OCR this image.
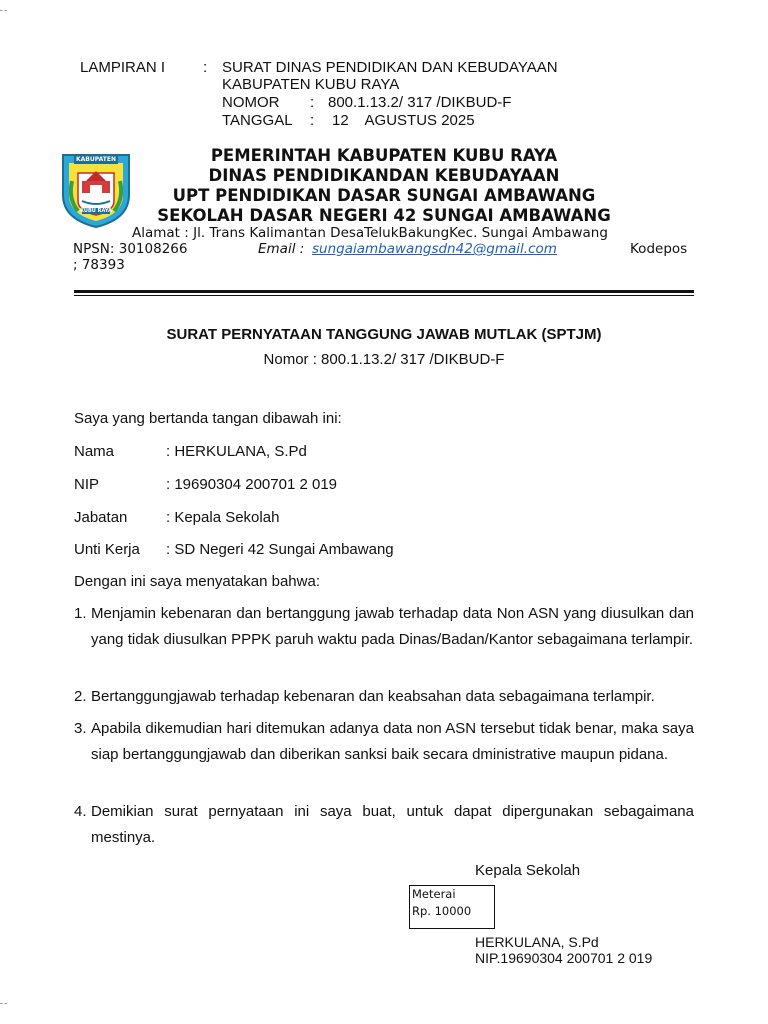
LAMPIRAN I	: SURAT DINAS PENDIDIKAN DAN KEBUDAYAAN
KABUPATEN KUBU RAYA
NOMOR : 800.1.13.2/ 317 /DIKBUD-F
TANGGAL : 12    AGUSTUS 2025
KABUPATEN
KUBU RAYA
PEMERINTAH KABUPATEN KUBU RAYA
DINAS PENDIDIKANDAN KEBUDAYAAN
UPT PENDIDIKAN DASAR SUNGAI AMBAWANG
SEKOLAH DASAR NEGERI 42 SUNGAI AMBAWANG
Alamat : Jl. Trans Kalimantan DesaTelukBakungKec. Sungai Ambawang
NPSN: 30108266	Email : sungaiambawangsdn42@gmail.com	Kodepos
; 78393
SURAT PERNYATAAN TANGGUNG JAWAB MUTLAK (SPTJM)
Nomor : 800.1.13.2/ 317 /DIKBUD-F
Saya yang bertanda tangan dibawah ini:
Nama	: HERKULANA, S.Pd
NIP	: 19690304 200701 2 019
Jabatan	: Kepala Sekolah
Unti Kerja : SD Negeri 42 Sungai Ambawang
Dengan ini saya menyatakan bahwa:
1. Menjamin kebenaran dan bertanggung jawab terhadap data Non ASN yang diusulkan dan yang tidak diusulkan PPPK paruh waktu pada Dinas/Badan/Kantor sebagaimana terlampir.
2. Bertanggungjawab terhadap kebenaran dan keabsahan data sebagaimana terlampir.
3. Apabila dikemudian hari ditemukan adanya data non ASN tersebut tidak benar, maka saya siap bertanggungjawab dan diberikan sanksi baik secara dministrative maupun pidana.
4. Demikian surat pernyataan ini saya buat, untuk dapat dipergunakan sebagaimana mestinya.
Kepala Sekolah
Meterai
Rp. 10000
HERKULANA, S.Pd
NIP.19690304 200701 2 019
